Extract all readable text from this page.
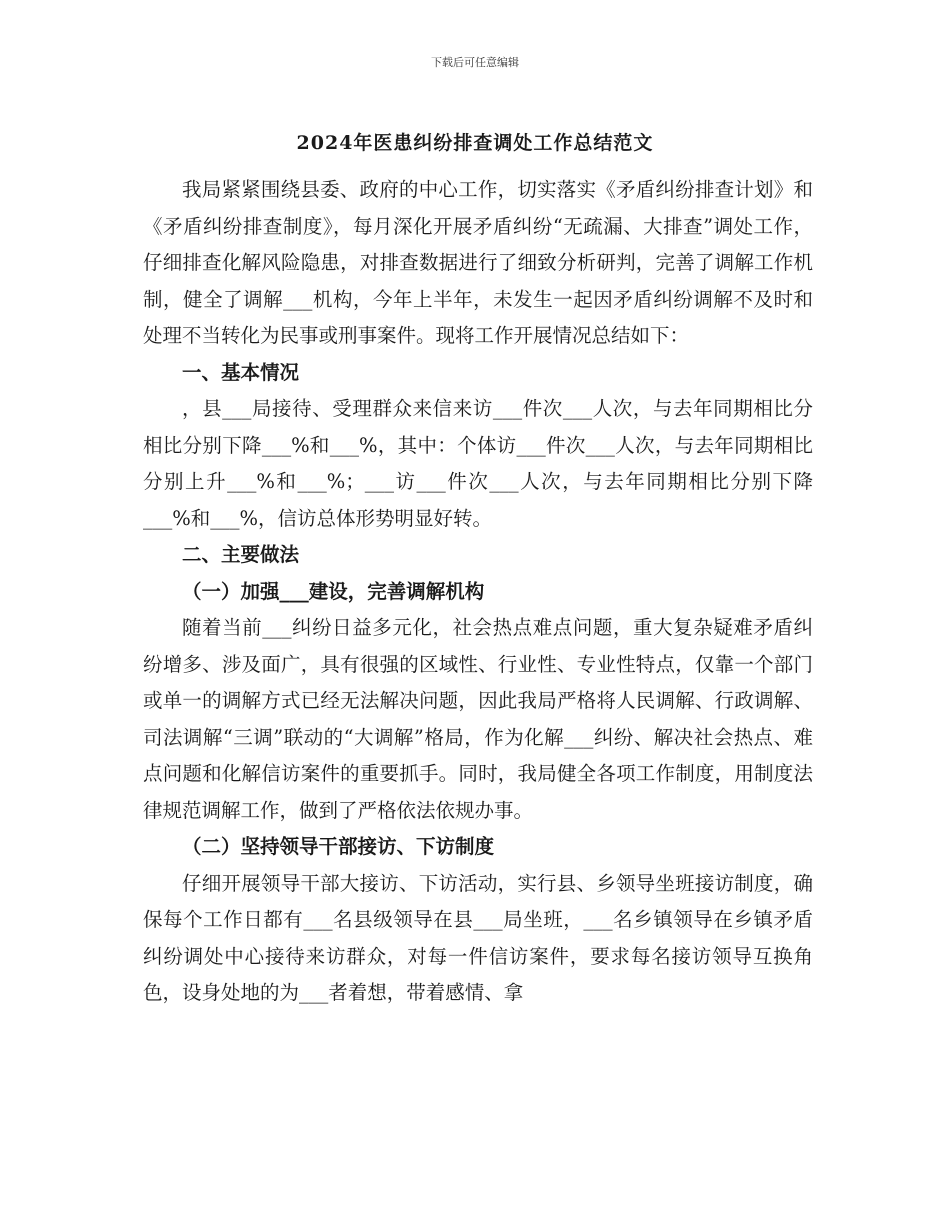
下载后可任意编辑
2024年医患纠纷排查调处工作总结范文

我局紧紧围绕县委、政府的中心工作，切实落实《矛盾纠纷排查计划》和《矛盾纠纷排查制度》，每月深化开展矛盾纠纷“无疏漏、大排查”调处工作，仔细排查化解风险隐患，对排查数据进行了细致分析研判，完善了调解工作机制，健全了调解___机构，今年上半年，未发生一起因矛盾纠纷调解不及时和处理不当转化为民事或刑事案件。现将工作开展情况总结如下：

一、基本情况

，县___局接待、受理群众来信来访___件次___人次，与去年同期相比分相比分别下降___%和___%，其中：个体访___件次___人次，与去年同期相比分别上升___%和___%；___访___件次___人次，与去年同期相比分别下降___%和___%，信访总体形势明显好转。

二、主要做法
（一）加强___建设，完善调解机构

随着当前___纠纷日益多元化，社会热点难点问题，重大复杂疑难矛盾纠纷增多、涉及面广，具有很强的区域性、行业性、专业性特点，仅靠一个部门或单一的调解方式已经无法解决问题，因此我局严格将人民调解、行政调解、司法调解“三调”联动的“大调解”格局，作为化解___纠纷、解决社会热点、难点问题和化解信访案件的重要抓手。同时，我局健全各项工作制度，用制度法律规范调解工作，做到了严格依法依规办事。

（二）坚持领导干部接访、下访制度

仔细开展领导干部大接访、下访活动，实行县、乡领导坐班接访制度，确保每个工作日都有___名县级领导在县___局坐班，___名乡镇领导在乡镇矛盾纠纷调处中心接待来访群众，对每一件信访案件，要求每名接访领导互换角色，设身处地的为___者着想，带着感情、拿
